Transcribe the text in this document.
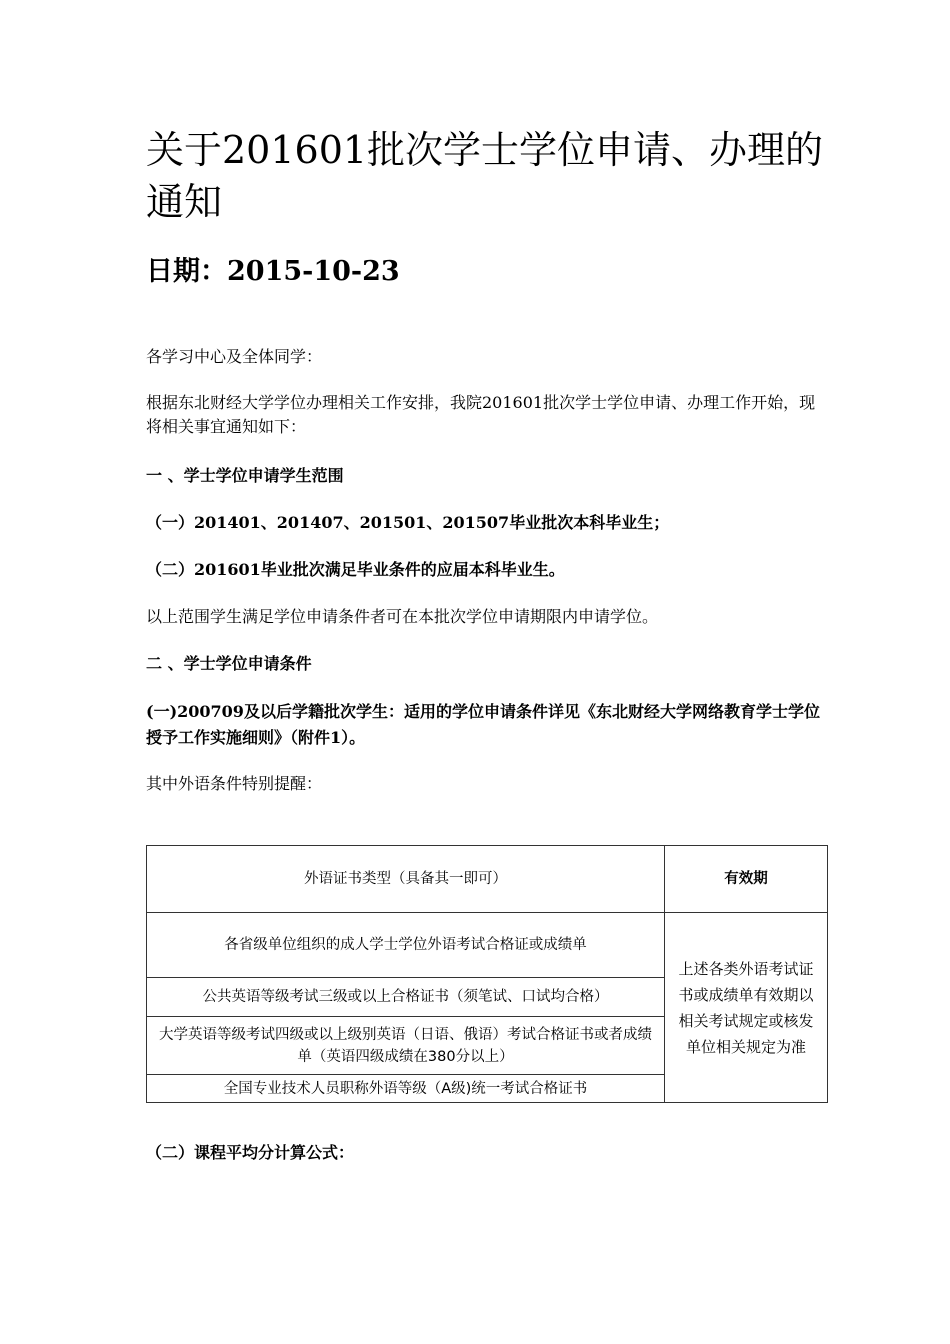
关于201601批次学士学位申请、办理的通知
日期：2015-10-23

各学习中心及全体同学：

根据东北财经大学学位办理相关工作安排，我院201601批次学士学位申请、办理工作开始，现将相关事宜通知如下：

一 、学士学位申请学生范围

（一）201401、201407、201501、201507毕业批次本科毕业生；

（二）201601毕业批次满足毕业条件的应届本科毕业生。

以上范围学生满足学位申请条件者可在本批次学位申请期限内申请学位。

二 、学士学位申请条件

(一)200709及以后学籍批次学生：适用的学位申请条件详见《东北财经大学网络教育学士学位授予工作实施细则》（附件1）。

其中外语条件特别提醒：

外语证书类型（具备其一即可）	有效期
各省级单位组织的成人学士学位外语考试合格证或成绩单	上述各类外语考试证书或成绩单有效期以相关考试规定或核发单位相关规定为准
公共英语等级考试三级或以上合格证书（须笔试、口试均合格）	
大学英语等级考试四级或以上级别英语（日语、俄语）考试合格证书或者成绩单（英语四级成绩在380分以上）	
全国专业技术人员职称外语等级（A级)统一考试合格证书	

（二）课程平均分计算公式：
